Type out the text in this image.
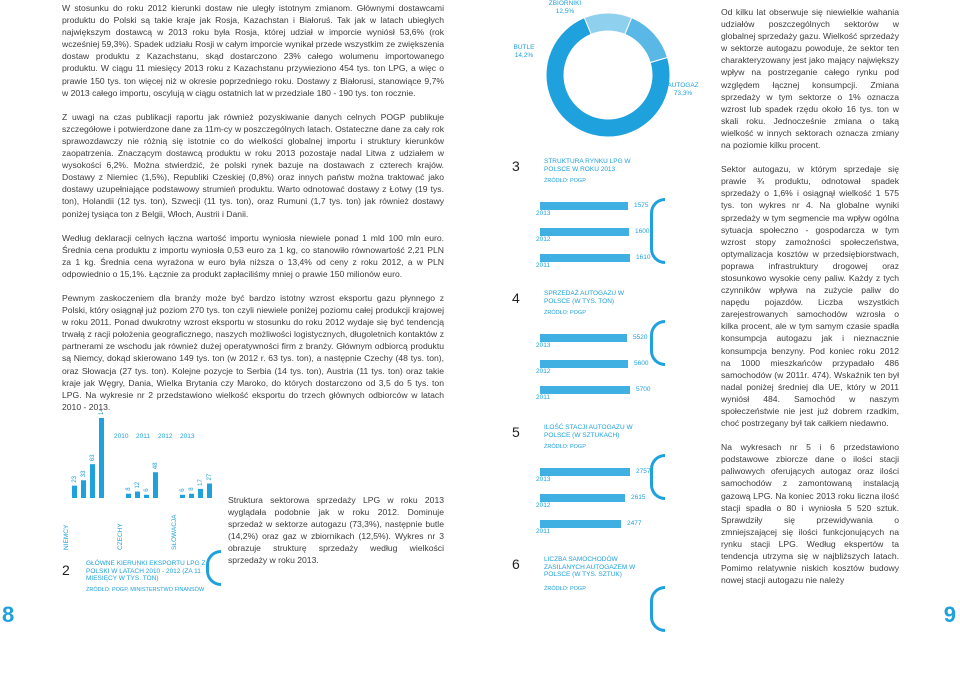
W stosunku do roku 2012 kierunki dostaw nie uległy istotnym zmianom. Głównymi dostawcami produktu do Polski są takie kraje jak Rosja, Kazachstan i Białoruś. Tak jak w latach ubiegłych największym dostawcą w 2013 roku była Rosja, której udział w imporcie wyniósł 53,6% (rok wcześniej 59,3%). Spadek udziału Rosji w całym imporcie wynikał przede wszystkim ze zwiększenia dostaw produktu z Kazachstanu, skąd dostarczono 23% całego wolumenu importowanego produktu. W ciągu 11 miesięcy 2013 roku z Kazachstanu przywieziono 454 tys. ton LPG, a więc o prawie 150 tys. ton więcej niż w okresie poprzedniego roku. Dostawy z Białorusi, stanowiące 9,7% w 2013 całego importu, oscylują w ciągu ostatnich lat w przedziale 180 - 190 tys. ton rocznie.

Z uwagi na czas publikacji raportu jak również pozyskiwanie danych celnych POGP publikuje szczegółowe i potwierdzone dane za 11m-cy w poszczególnych latach. Ostateczne dane za cały rok sprawozdawczy nie różnią się istotnie co do wielkości globalnej importu i struktury kierunków zaopatrzenia. Znaczącym dostawcą produktu w roku 2013 pozostaje nadal Litwa z udziałem w wysokości 6,2%. Można stwierdzić, że polski rynek bazuje na dostawach z czterech krajów. Dostawy z Niemiec (1,5%), Republiki Czeskiej (0,8%) oraz innych państw można traktować jako dostawy uzupełniające podstawowy strumień produktu. Warto odnotować dostawy z Łotwy (19 tys. ton), Holandii (12 tys. ton), Szwecji (11 tys. ton), oraz Rumuni (1,7 tys. ton) jak również dostawy poniżej tysiąca ton z Belgii, Włoch, Austrii i Danii.

Według deklaracji celnych łączna wartość importu wyniosła niewiele ponad 1 mld 100 mln euro. Średnia cena produktu z importu wyniosła 0,53 euro za 1 kg, co stanowiło równowartość 2,21 PLN za 1 kg. Średnia cena wyrażona w euro była niższa o 13,4% od ceny z roku 2012, a w PLN odpowiednio o 15,1%. Łącznie za produkt zapłaciliśmy mniej o prawie 150 milionów euro.

Pewnym zaskoczeniem dla branży może być bardzo istotny wzrost eksportu gazu płynnego z Polski, który osiągnął już poziom 270 tys. ton czyli niewiele poniżej poziomu całej produkcji krajowej w roku 2011. Ponad dwukrotny wzrost eksportu w stosunku do roku 2012 wydaje się być tendencją trwałą z racji położenia geograficznego, naszych możliwości logistycznych, długoletnich kontaktów z partnerami ze wschodu jak również dużej operatywności firm z branży. Głównym odbiorcą produktu są Niemcy, dokąd skierowano 149 tys. ton (w 2012 r. 63 tys. ton), a następnie Czechy (48 tys. ton), oraz Słowacja (27 tys. ton). Kolejne pozycje to Serbia (14 tys. ton), Austria (11 tys. ton) oraz takie kraje jak Węgry, Dania, Wielka Brytania czy Maroko, do których dostarczono od 3,5 do 5 tys. ton LPG. Na wykresie nr 2 przedstawiono wielkość eksportu do trzech głównych odbiorców w latach 2010 - 2013.

Struktura sektorowa sprzedaży LPG w roku 2013 wyglądała podobnie jak w roku 2012. Dominuje sprzedaż w sektorze autogazu (73,3%), następnie butle (14,2%) oraz gaz w zbiornikach (12,5%). Wykres nr 3 obrazuje strukturę sprzedaży według wielkości sprzedaży w roku 2013.
2010 2011 2012 2013
23
33
63
NIEMCY
8
12
6
48
CZECHY
6 8
17
27
SŁOWACJA
2 GŁÓWNE KIERUNKI EKSPORTU LPG Z POLSKI W LATACH 2010 - 2012 (ZA 11 MIESIĘCY W TYS. TON)
ŹRÓDŁO: POGP, MINISTERSTWO FINANSÓW
ZBIORNIKI
12,5%
BUTLE
14,2%
AUTOGAZ
73,3%
3	STRUKTURA RYNKU LPG W POLSCE W ROKU 2013
ŹRÓDŁO: POGP
2013
1575
2012
1600
2011
1610
4	SPRZEDAŻ AUTOGAZU W POLSCE (W TYS. TON)
ŹRÓDŁO: POGP
2013
5520
2012
5600
2011
5700
5	ILOŚĆ STACJI AUTOGAZU W POLSCE (W SZTUKACH)
ŹRÓDŁO: POGP
2013
2757
2012
2615
2011
2477
6	LICZBA SAMOCHODÓW ZASILANYCH AUTOGAZEM W POLSCE (W TYS. SZTUK)
ŹRÓDŁO: POGP

Od kilku lat obserwuje się niewielkie wahania udziałów poszczególnych sektorów w globalnej sprzedaży gazu. Wielkość sprzedaży w sektorze autogazu powoduje, że sektor ten charakteryzowany jest jako mający największy wpływ na postrzeganie całego rynku pod względem łącznej konsumpcji. Zmiana sprzedaży w tym sektorze o 1% oznacza wzrost lub spadek rzędu około 16 tys. ton w skali roku. Jednocześnie zmiana o taką wielkość w innych sektorach oznacza zmiany na poziomie kilku procent.

Sektor autogazu, w którym sprzedaje się prawie ¾ produktu, odnotował spadek sprzedaży o 1,6% i osiągnął wielkość 1 575 tys. ton wykres nr 4. Na globalne wyniki sprzedaży w tym segmencie ma wpływ ogólna sytuacja społeczno - gospodarcza w tym wzrost stopy zamożności społeczeństwa, optymalizacja kosztów w przedsiębiorstwach, poprawa infrastruktury drogowej oraz stosunkowo wysokie ceny paliw. Każdy z tych czynników wpływa na zużycie paliw do napędu pojazdów. Liczba wszystkich zarejestrowanych samochodów wzrosła o kilka procent, ale w tym samym czasie spadła konsumpcja autogazu jak i nieznacznie konsumpcja benzyny. Pod koniec roku 2012 na 1000 mieszkańców przypadało 486 samochodów (w 2011r. 474). Wskaźnik ten był nadal poniżej średniej dla UE, który w 2011 wyniósł 484. Samochód w naszym społeczeństwie nie jest już dobrem rzadkim, choć postrzegany był tak całkiem niedawno.

Na wykresach nr 5 i 6 przedstawiono podstawowe zbiorcze dane o ilości stacji paliwowych oferujących autogaz oraz ilości samochodów z zamontowaną instalacją gazową LPG. Na koniec 2013 roku liczna ilość stacji spadła o 80 i wyniosła 5 520 sztuk. Sprawdziły się przewidywania o zmniejszającej się ilości funkcjonujących na rynku stacji LPG. Według ekspertów ta tendencja utrzyma się w najbliższych latach. Pomimo relatywnie niskich kosztów budowy nowej stacji autogazu nie należy

8	9
